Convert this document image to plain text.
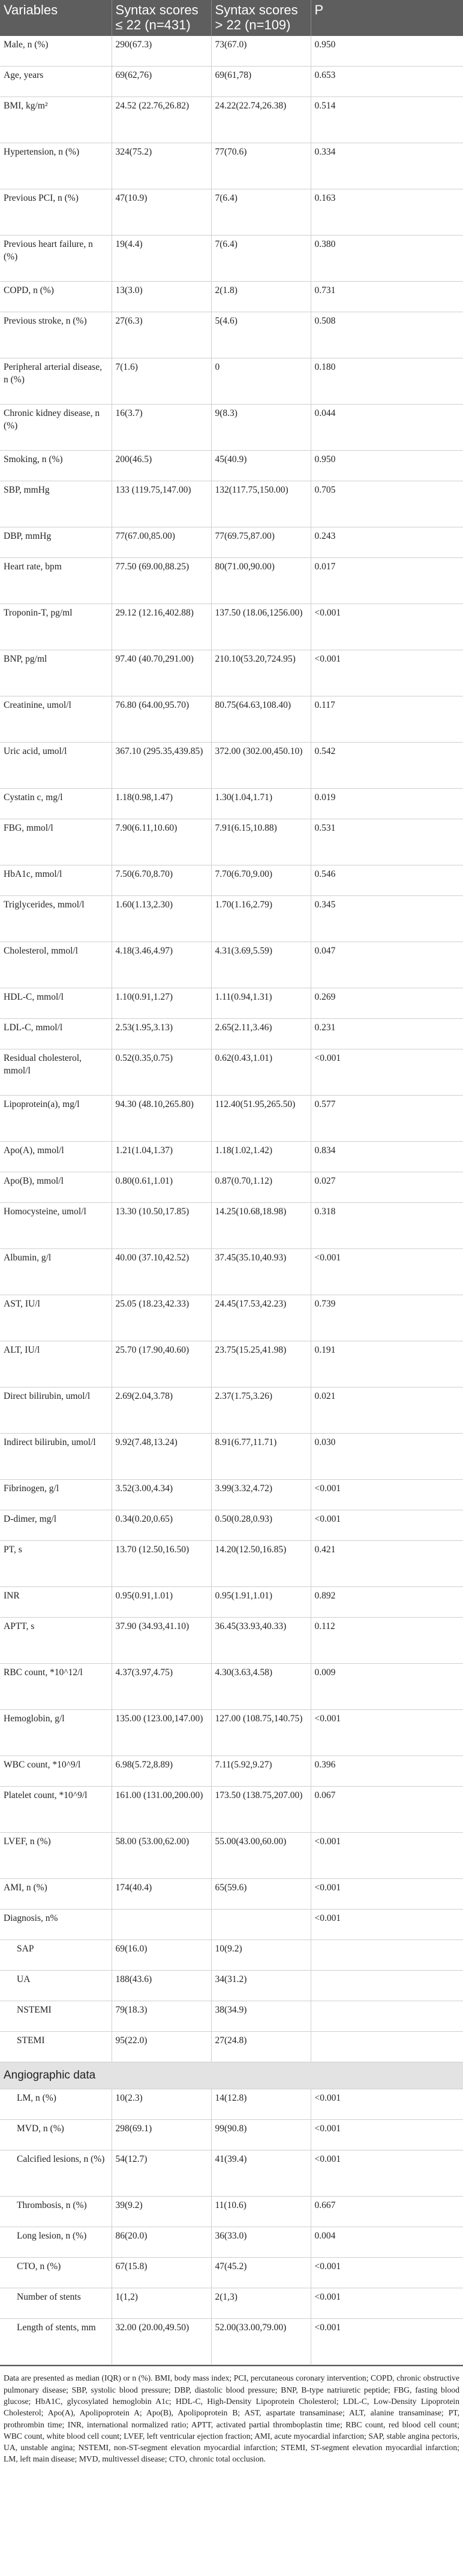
Variables	Syntax scores ≤ 22 (n=431)	Syntax scores > 22 (n=109)	P
Male, n (%)	290(67.3)	73(67.0)	0.950
Age, years	69(62,76)	69(61,78)	0.653
BMI, kg/m²	24.52 (22.76,26.82)	24.22(22.74,26.38)	0.514
Hypertension, n (%)	324(75.2)	77(70.6)	0.334
Previous PCI, n (%)	47(10.9)	7(6.4)	0.163
Previous heart failure, n (%)	19(4.4)	7(6.4)	0.380
COPD, n (%)	13(3.0)	2(1.8)	0.731
Previous stroke, n (%)	27(6.3)	5(4.6)	0.508
Peripheral arterial disease, n (%)	7(1.6)	0	0.180
Chronic kidney disease, n (%)	16(3.7)	9(8.3)	0.044
Smoking, n (%)	200(46.5)	45(40.9)	0.950
SBP, mmHg	133 (119.75,147.00)	132(117.75,150.00)	0.705
DBP, mmHg	77(67.00,85.00)	77(69.75,87.00)	0.243
Heart rate, bpm	77.50 (69.00,88.25)	80(71.00,90.00)	0.017
Troponin-T, pg/ml	29.12 (12.16,402.88)	137.50 (18.06,1256.00)	<0.001
BNP, pg/ml	97.40 (40.70,291.00)	210.10(53.20,724.95)	<0.001
Creatinine, umol/l	76.80 (64.00,95.70)	80.75(64.63,108.40)	0.117
Uric acid, umol/l	367.10 (295.35,439.85)	372.00 (302.00,450.10)	0.542
Cystatin c, mg/l	1.18(0.98,1.47)	1.30(1.04,1.71)	0.019
FBG, mmol/l	7.90(6.11,10.60)	7.91(6.15,10.88)	0.531
HbA1c, mmol/l	7.50(6.70,8.70)	7.70(6.70,9.00)	0.546
Triglycerides, mmol/l	1.60(1.13,2.30)	1.70(1.16,2.79)	0.345
Cholesterol, mmol/l	4.18(3.46,4.97)	4.31(3.69,5.59)	0.047
HDL-C, mmol/l	1.10(0.91,1.27)	1.11(0.94,1.31)	0.269
LDL-C, mmol/l	2.53(1.95,3.13)	2.65(2.11,3.46)	0.231
Residual cholesterol, mmol/l	0.52(0.35,0.75)	0.62(0.43,1.01)	<0.001
Lipoprotein(a), mg/l	94.30 (48.10,265.80)	112.40(51.95,265.50)	0.577
Apo(A), mmol/l	1.21(1.04,1.37)	1.18(1.02,1.42)	0.834
Apo(B), mmol/l	0.80(0.61,1.01)	0.87(0.70,1.12)	0.027
Homocysteine, umol/l	13.30 (10.50,17.85)	14.25(10.68,18.98)	0.318
Albumin, g/l	40.00 (37.10,42.52)	37.45(35.10,40.93)	<0.001
AST, IU/l	25.05 (18.23,42.33)	24.45(17.53,42.23)	0.739
ALT, IU/l	25.70 (17.90,40.60)	23.75(15.25,41.98)	0.191
Direct bilirubin, umol/l	2.69(2.04,3.78)	2.37(1.75,3.26)	0.021
Indirect bilirubin, umol/l	9.92(7.48,13.24)	8.91(6.77,11.71)	0.030
Fibrinogen, g/l	3.52(3.00,4.34)	3.99(3.32,4.72)	<0.001
D-dimer, mg/l	0.34(0.20,0.65)	0.50(0.28,0.93)	<0.001
PT, s	13.70 (12.50,16.50)	14.20(12.50,16.85)	0.421
INR	0.95(0.91,1.01)	0.95(1.91,1.01)	0.892
APTT, s	37.90 (34.93,41.10)	36.45(33.93,40.33)	0.112
RBC count, *10^12/l	4.37(3.97,4.75)	4.30(3.63,4.58)	0.009
Hemoglobin, g/l	135.00 (123.00,147.00)	127.00 (108.75,140.75)	<0.001
WBC count, *10^9/l	6.98(5.72,8.89)	7.11(5.92,9.27)	0.396
Platelet count, *10^9/l	161.00 (131.00,200.00)	173.50 (138.75,207.00)	0.067
LVEF, n (%)	58.00 (53.00,62.00)	55.00(43.00,60.00)	<0.001
AMI, n (%)	174(40.4)	65(59.6)	<0.001
Diagnosis, n%			<0.001
SAP	69(16.0)	10(9.2)	
UA	188(43.6)	34(31.2)	
NSTEMI	79(18.3)	38(34.9)	
STEMI	95(22.0)	27(24.8)	
Angiographic data			
LM, n (%)	10(2.3)	14(12.8)	<0.001
MVD, n (%)	298(69.1)	99(90.8)	<0.001
Calcified lesions, n (%)	54(12.7)	41(39.4)	<0.001
Thrombosis, n (%)	39(9.2)	11(10.6)	0.667
Long lesion, n (%)	86(20.0)	36(33.0)	0.004
CTO, n (%)	67(15.8)	47(45.2)	<0.001
Number of stents	1(1,2)	2(1,3)	<0.001
Length of stents, mm	32.00 (20.00,49.50)	52.00(33.00,79.00)	<0.001
Data are presented as median (IQR) or n (%). BMI, body mass index; PCI, percutaneous coronary intervention; COPD, chronic obstructive pulmonary disease; SBP, systolic blood pressure; DBP, diastolic blood pressure; BNP, B-type natriuretic peptide; FBG, fasting blood glucose; HbA1C, glycosylated hemoglobin A1c; HDL-C, High-Density Lipoprotein Cholesterol; LDL-C, Low-Density Lipoprotein Cholesterol; Apo(A), Apolipoprotein A; Apo(B), Apolipoprotein B; AST, aspartate transaminase; ALT, alanine transaminase; PT, prothrombin time; INR, international normalized ratio; APTT, activated partial thromboplastin time; RBC count, red blood cell count; WBC count, white blood cell count; LVEF, left ventricular ejection fraction; AMI, acute myocardial infarction; SAP, stable angina pectoris, UA, unstable angina; NSTEMI, non-ST-segment elevation myocardial infarction; STEMI, ST-segment elevation myocardial infarction; LM, left main disease; MVD, multivessel disease; CTO, chronic total occlusion.
